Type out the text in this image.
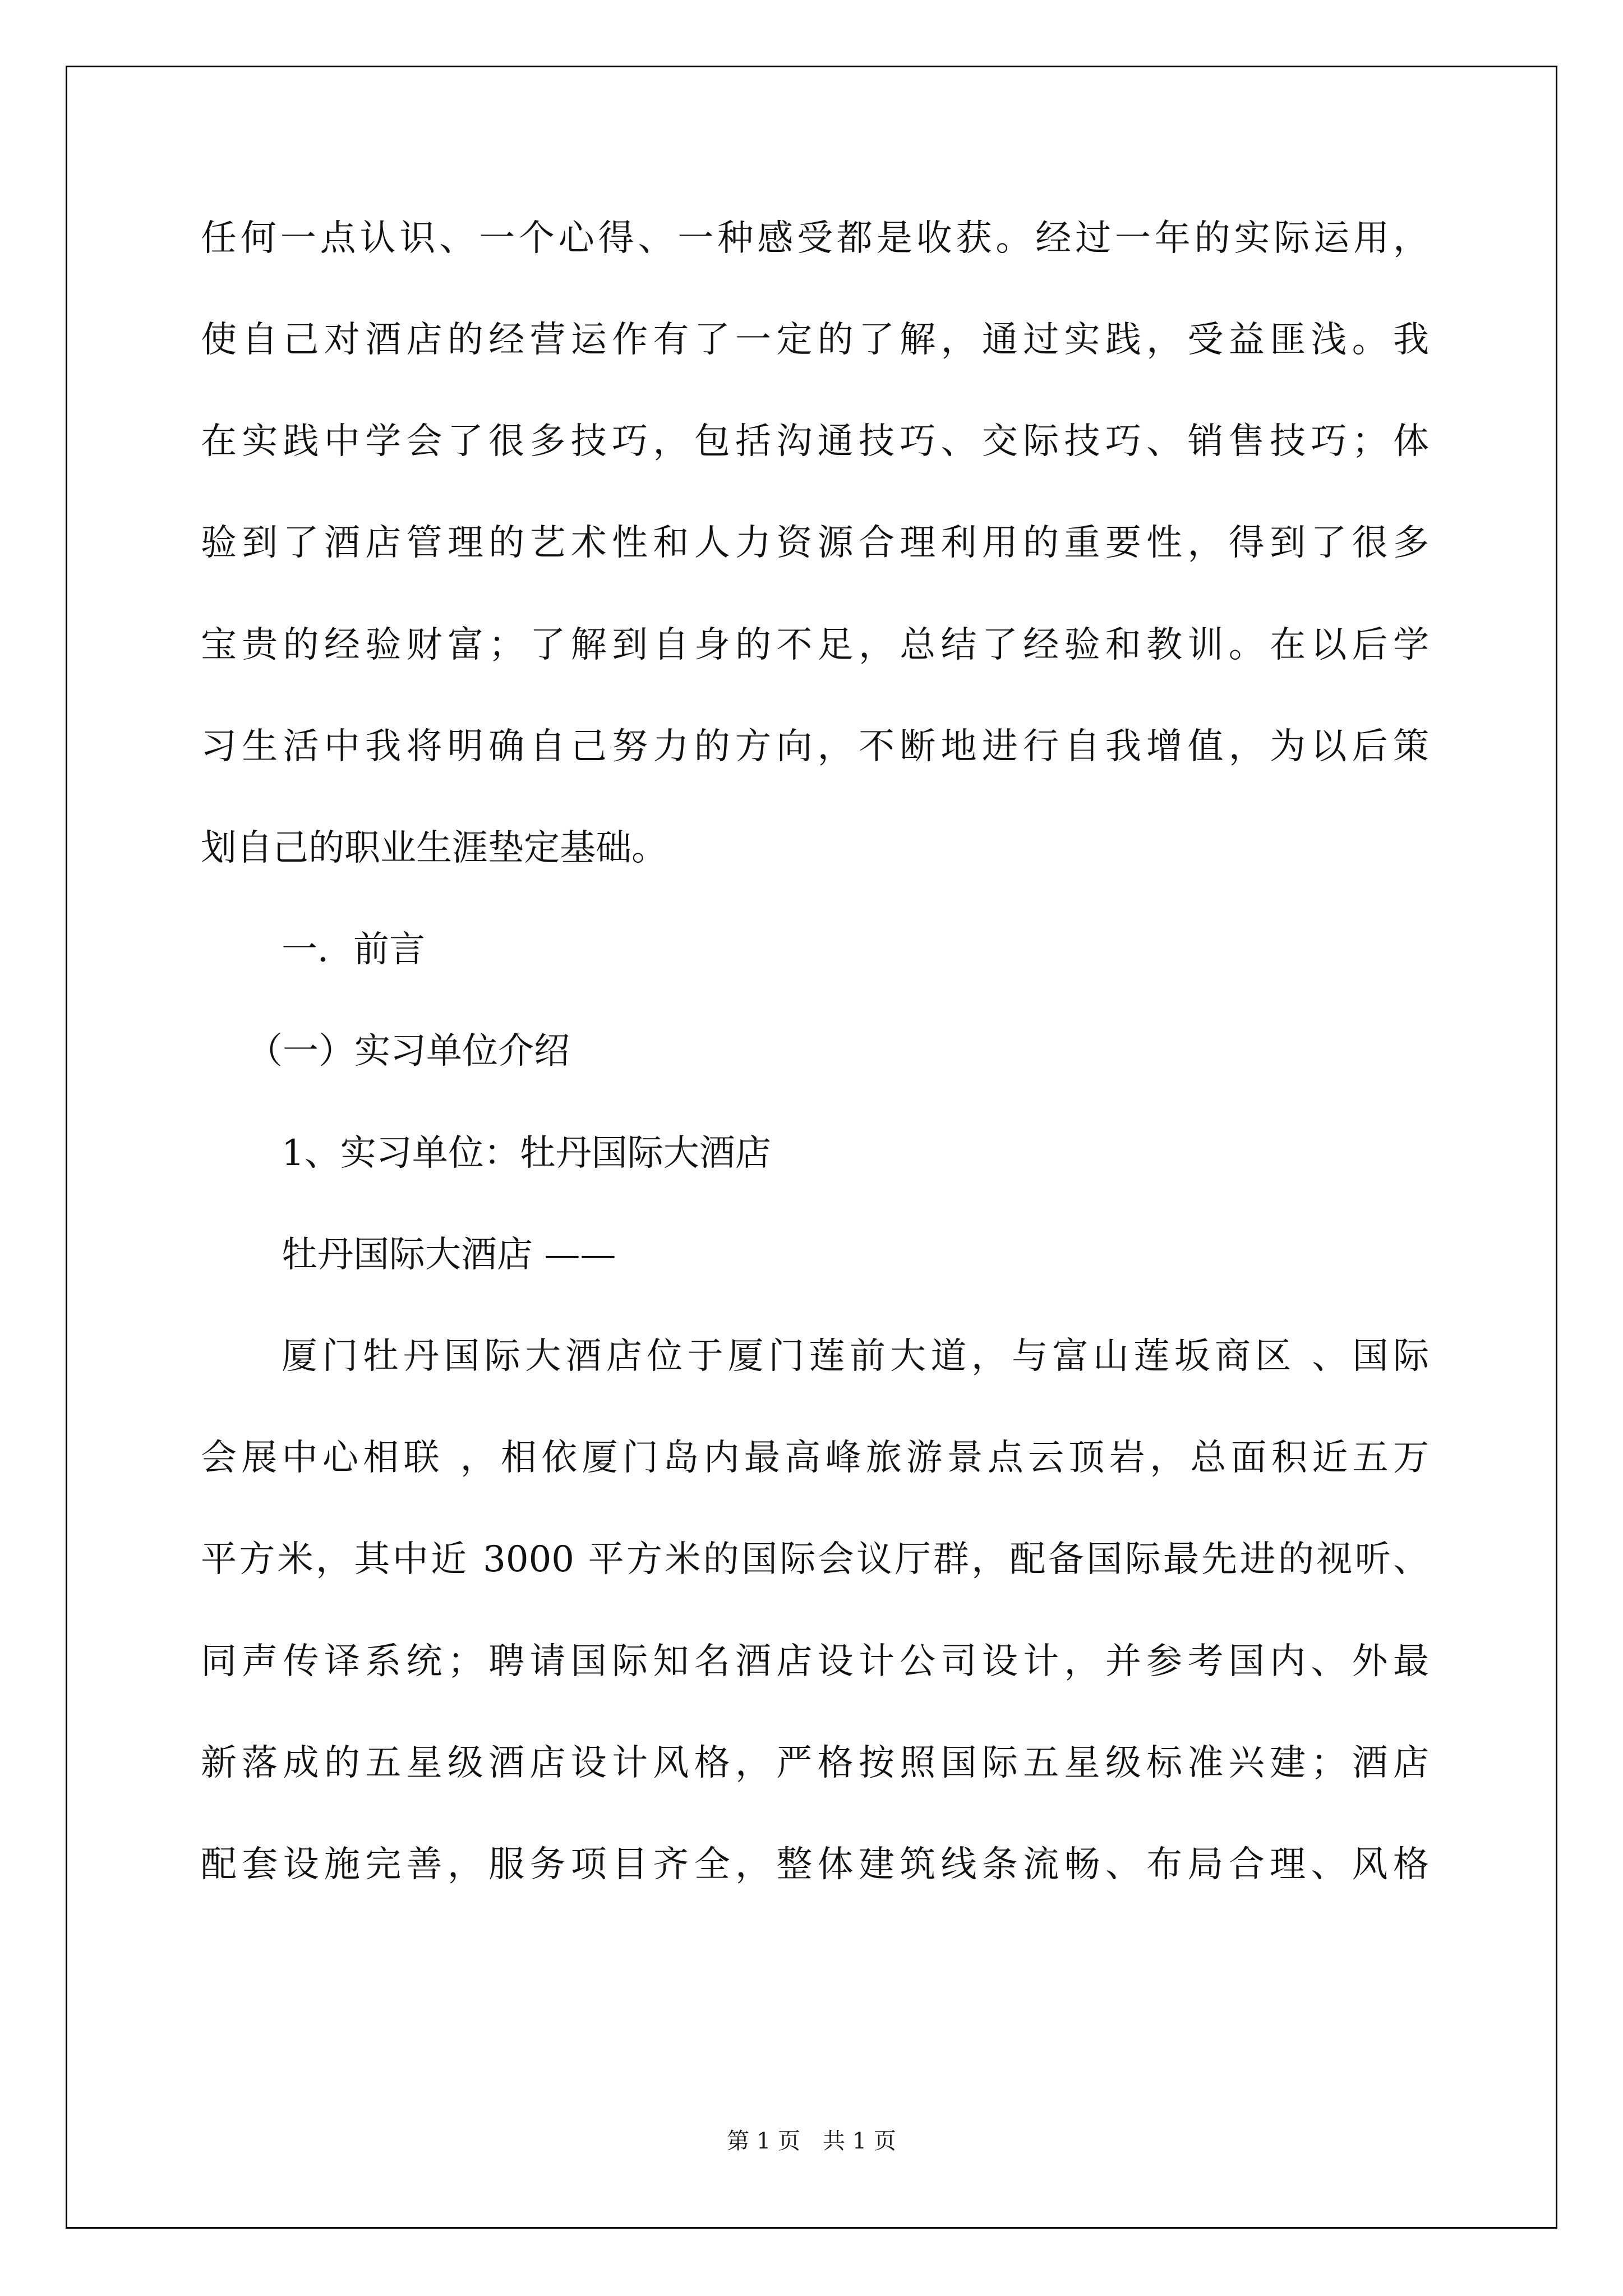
任何一点认识、一个心得、一种感受都是收获。经过一年的实际运用，
使自己对酒店的经营运作有了一定的了解，通过实践，受益匪浅。我
在实践中学会了很多技巧，包括沟通技巧、交际技巧、销售技巧；体
验到了酒店管理的艺术性和人力资源合理利用的重要性，得到了很多
宝贵的经验财富；了解到自身的不足，总结了经验和教训。在以后学
习生活中我将明确自己努力的方向，不断地进行自我增值，为以后策
划自己的职业生涯垫定基础。
一．前言
（一）实习单位介绍
1、实习单位：牡丹国际大酒店
牡丹国际大酒店 ——
厦门牡丹国际大酒店位于厦门莲前大道，与富山莲坂商区 、国际
会展中心相联 ，相依厦门岛内最高峰旅游景点云顶岩，总面积近五万
平方米，其中近 3000 平方米的国际会议厅群，配备国际最先进的视听、
同声传译系统；聘请国际知名酒店设计公司设计，并参考国内、外最
新落成的五星级酒店设计风格，严格按照国际五星级标准兴建；酒店
配套设施完善，服务项目齐全，整体建筑线条流畅、布局合理、风格
第 1 页　共 1 页
